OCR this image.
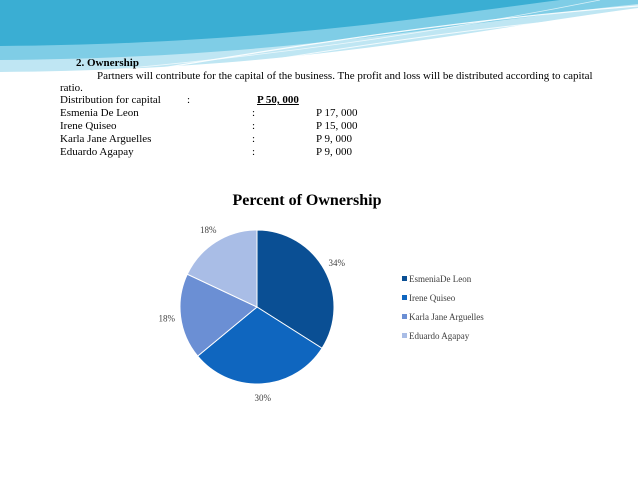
2. Ownership
Partners will contribute for the capital of the business. The profit and loss will be distributed according to capital
ratio.
Distribution for capital :	P 50, 000
Esmenia De Leon	:	P 17, 000
Irene Quiseo	:	P 15, 000
Karla Jane Arguelles	:	P 9, 000
Eduardo Agapay	:	P 9, 000
Percent of Ownership
34%
30%
18%
18%
EsmeniaDe Leon
Irene Quiseo
Karla Jane Arguelles
Eduardo Agapay
